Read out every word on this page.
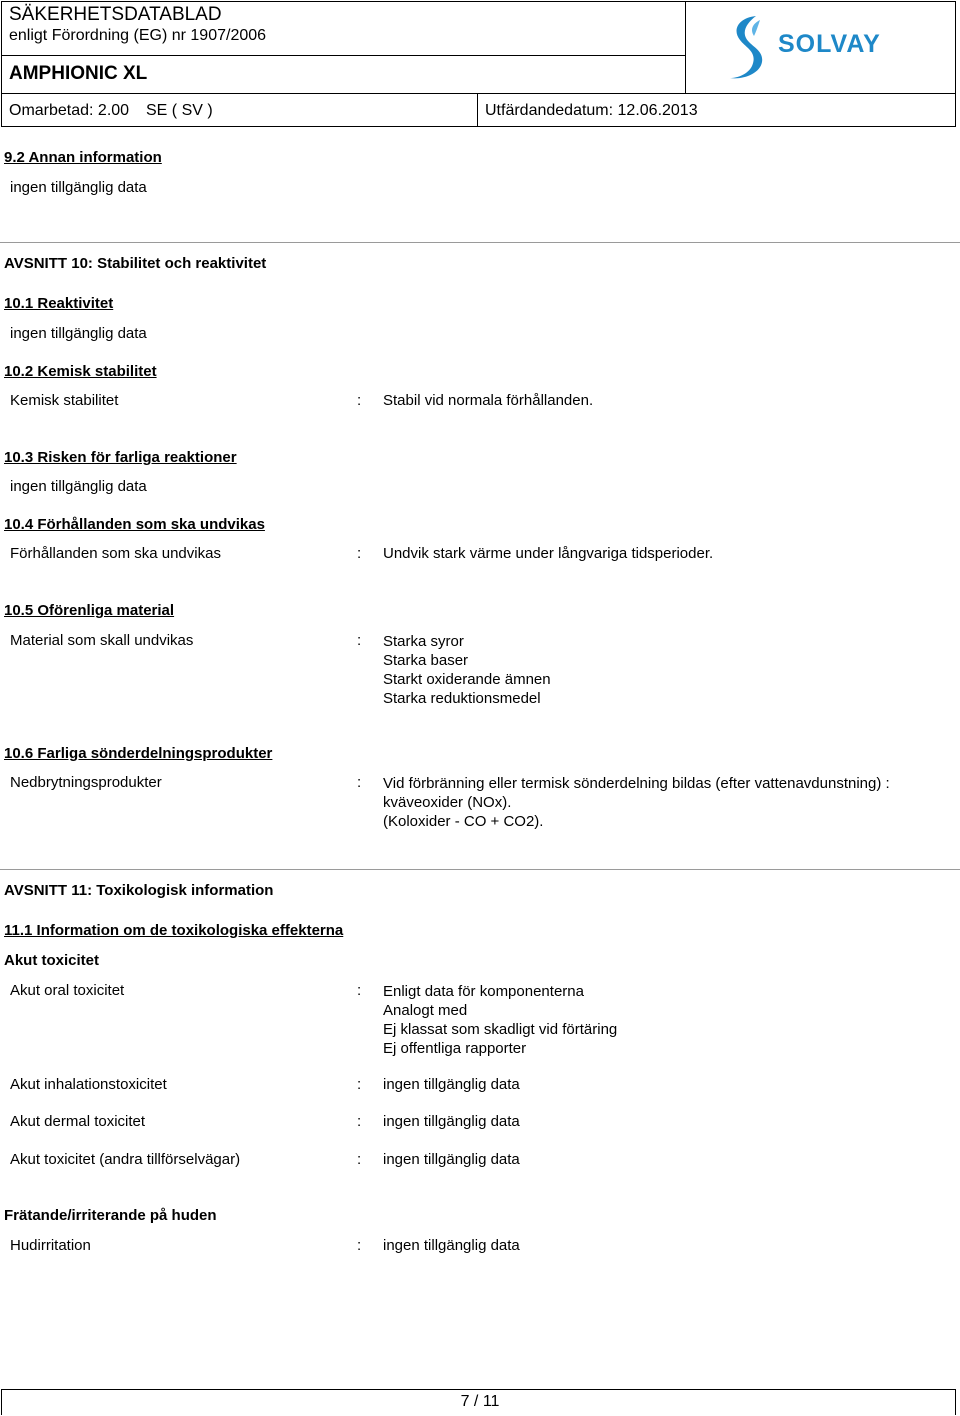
SÄKERHETSDATABLAD
enligt Förordning (EG) nr 1907/2006
AMPHIONIC XL
Omarbetad: 2.00 SE ( SV )	Utfärdandedatum: 12.06.2013
SOLVAY
9.2 Annan information
ingen tillgänglig data
AVSNITT 10: Stabilitet och reaktivitet
10.1 Reaktivitet
ingen tillgänglig data
10.2 Kemisk stabilitet
Kemisk stabilitet	: Stabil vid normala förhållanden.
10.3 Risken för farliga reaktioner
ingen tillgänglig data
10.4 Förhållanden som ska undvikas
Förhållanden som ska undvikas	: Undvik stark värme under långvariga tidsperioder.
10.5 Oförenliga material
Material som skall undvikas	: Starka syror
Starka baser
Starkt oxiderande ämnen
Starka reduktionsmedel
10.6 Farliga sönderdelningsprodukter
Nedbrytningsprodukter	: Vid förbränning eller termisk sönderdelning bildas (efter vattenavdunstning) :
kväveoxider (NOx).
(Koloxider - CO + CO2).
AVSNITT 11: Toxikologisk information
11.1 Information om de toxikologiska effekterna
Akut toxicitet
Akut oral toxicitet	: Enligt data för komponenterna
Analogt med
Ej klassat som skadligt vid förtäring
Ej offentliga rapporter
Akut inhalationstoxicitet	: ingen tillgänglig data
Akut dermal toxicitet	: ingen tillgänglig data
Akut toxicitet (andra tillförselvägar)	: ingen tillgänglig data
Frätande/irriterande på huden
Hudirritation	: ingen tillgänglig data
7 / 11
